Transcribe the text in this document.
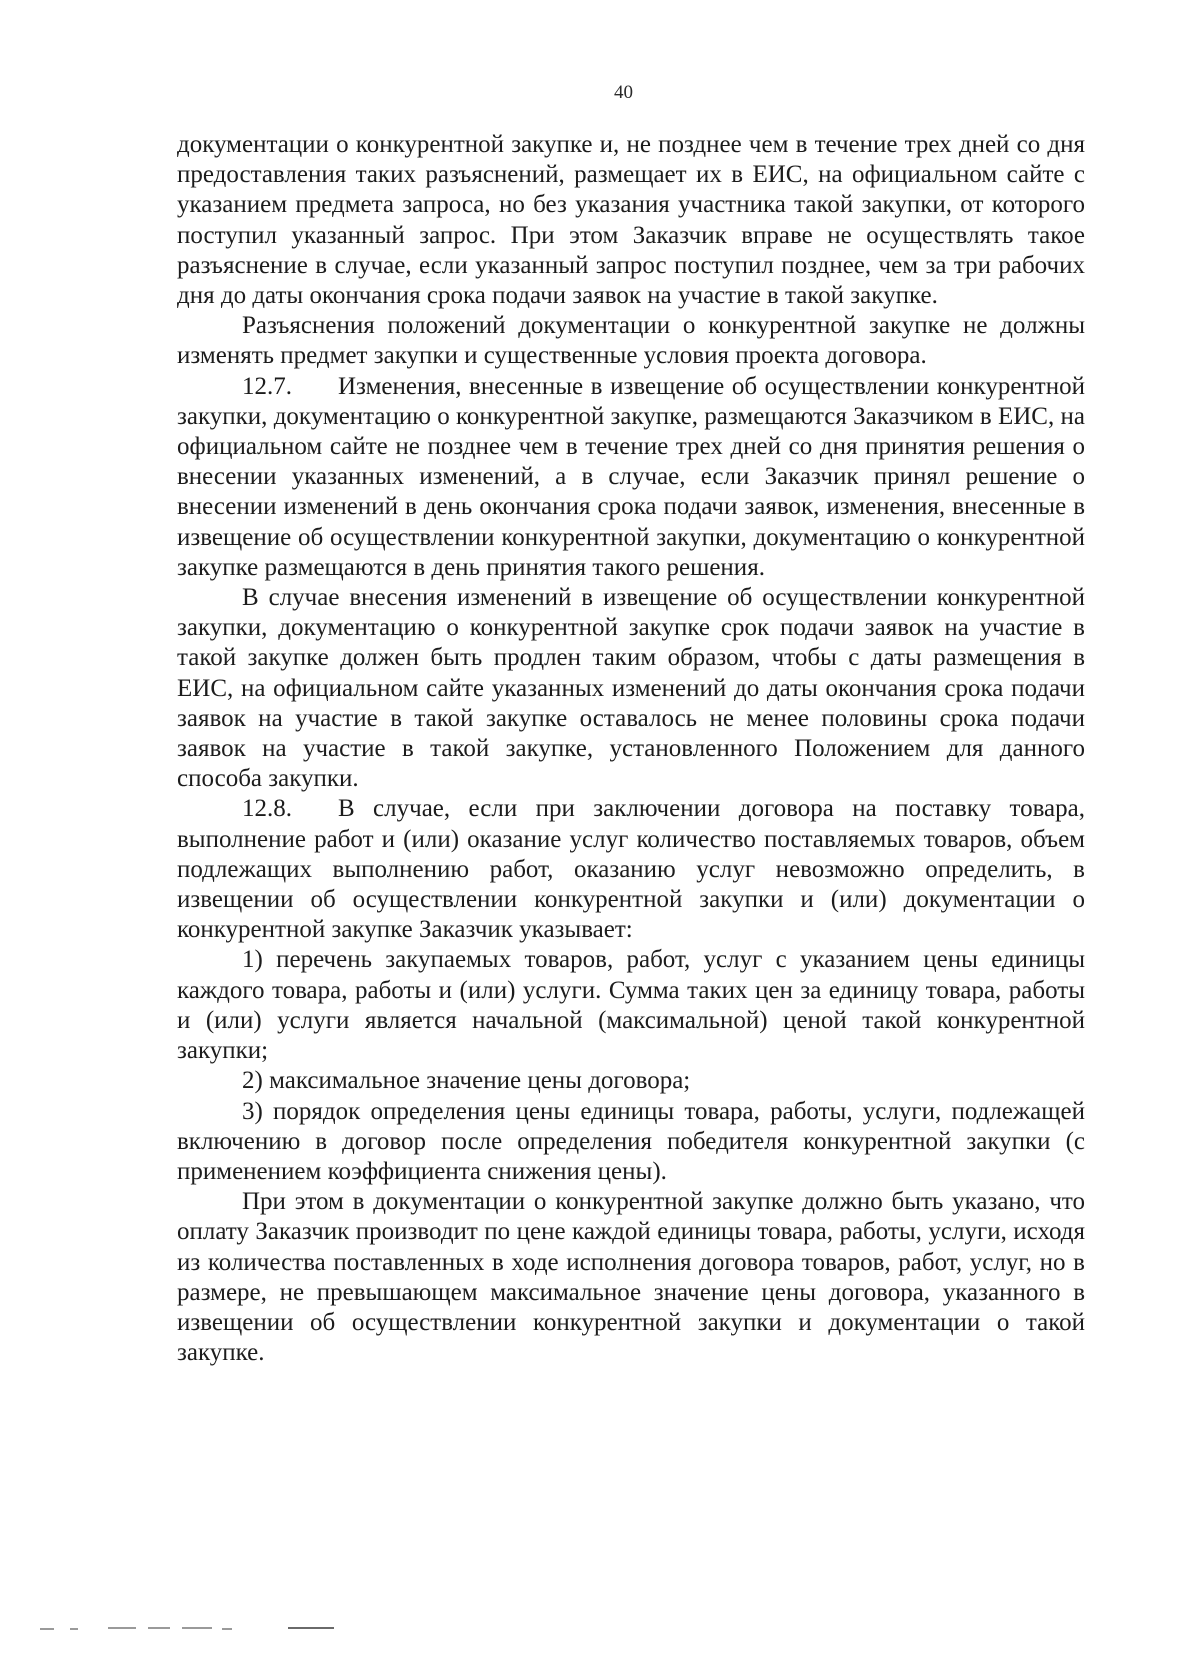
40

документации о конкурентной закупке и, не позднее чем в течение трех дней со дня предоставления таких разъяснений, размещает их в ЕИС, на официальном сайте с указанием предмета запроса, но без указания участника такой закупки, от которого поступил указанный запрос. При этом Заказчик вправе не осуществлять такое разъяснение в случае, если указанный запрос поступил позднее, чем за три рабочих дня до даты окончания срока подачи заявок на участие в такой закупке.

Разъяснения положений документации о конкурентной закупке не должны изменять предмет закупки и существенные условия проекта договора.

12.7. Изменения, внесенные в извещение об осуществлении конкурентной закупки, документацию о конкурентной закупке, размещаются Заказчиком в ЕИС, на официальном сайте не позднее чем в течение трех дней со дня принятия решения о внесении указанных изменений, а в случае, если Заказчик принял решение о внесении изменений в день окончания срока подачи заявок, изменения, внесенные в извещение об осуществлении конкурентной закупки, документацию о конкурентной закупке размещаются в день принятия такого решения.

В случае внесения изменений в извещение об осуществлении конкурентной закупки, документацию о конкурентной закупке срок подачи заявок на участие в такой закупке должен быть продлен таким образом, чтобы с даты размещения в ЕИС, на официальном сайте указанных изменений до даты окончания срока подачи заявок на участие в такой закупке оставалось не менее половины срока подачи заявок на участие в такой закупке, установленного Положением для данного способа закупки.

12.8. В случае, если при заключении договора на поставку товара, выполнение работ и (или) оказание услуг количество поставляемых товаров, объем подлежащих выполнению работ, оказанию услуг невозможно определить, в извещении об осуществлении конкурентной закупки и (или) документации о конкурентной закупке Заказчик указывает:

1) перечень закупаемых товаров, работ, услуг с указанием цены единицы каждого товара, работы и (или) услуги. Сумма таких цен за единицу товара, работы и (или) услуги является начальной (максимальной) ценой такой конкурентной закупки;

2) максимальное значение цены договора;

3) порядок определения цены единицы товара, работы, услуги, подлежащей включению в договор после определения победителя конкурентной закупки (с применением коэффициента снижения цены).

При этом в документации о конкурентной закупке должно быть указано, что оплату Заказчик производит по цене каждой единицы товара, работы, услуги, исходя из количества поставленных в ходе исполнения договора товаров, работ, услуг, но в размере, не превышающем максимальное значение цены договора, указанного в извещении об осуществлении конкурентной закупки и документации о такой закупке.
